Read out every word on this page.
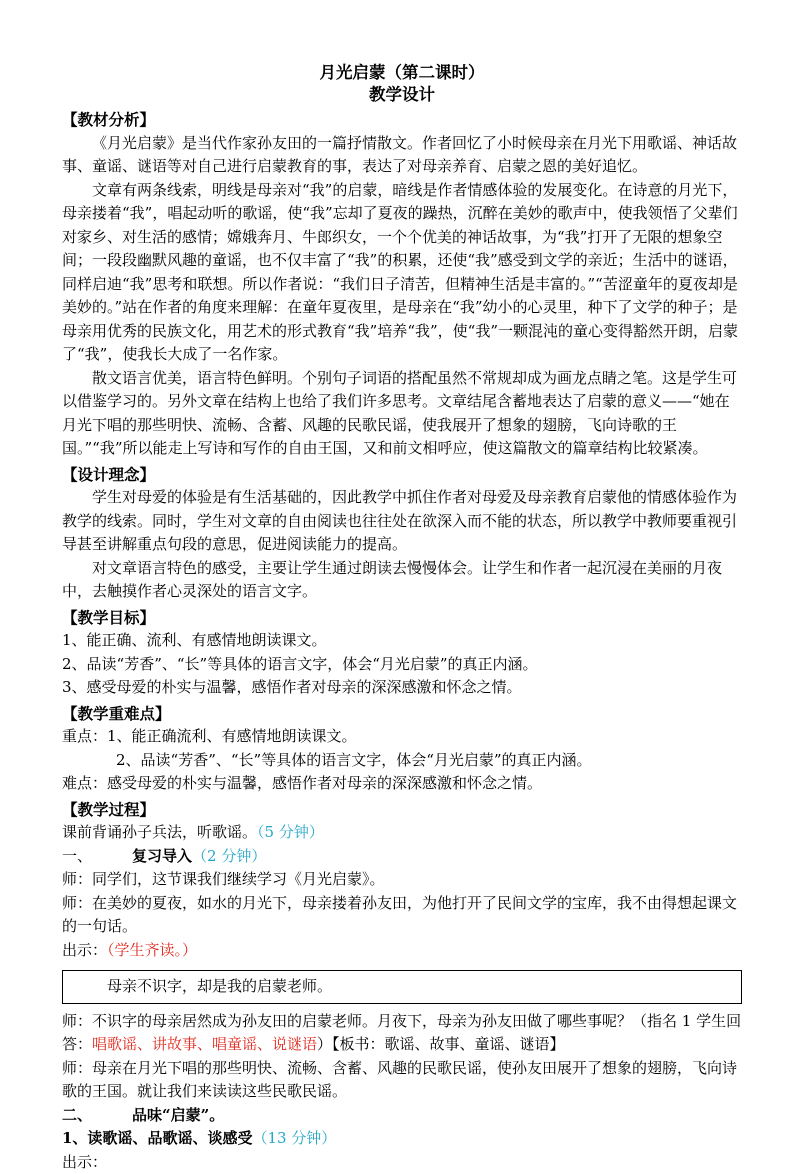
月光启蒙（第二课时）
教学设计
【教材分析】

《月光启蒙》是当代作家孙友田的一篇抒情散文。作者回忆了小时候母亲在月光下用歌谣、神话故事、童谣、谜语等对自己进行启蒙教育的事，表达了对母亲养育、启蒙之恩的美好追忆。

文章有两条线索，明线是母亲对“我”的启蒙，暗线是作者情感体验的发展变化。在诗意的月光下，母亲搂着“我”，唱起动听的歌谣，使“我”忘却了夏夜的躁热，沉醉在美妙的歌声中，使我领悟了父辈们对家乡、对生活的感情；嫦娥奔月、牛郎织女，一个个优美的神话故事，为“我”打开了无限的想象空间；一段段幽默风趣的童谣，也不仅丰富了“我”的积累，还使“我”感受到文学的亲近；生活中的谜语，同样启迪“我”思考和联想。所以作者说：“我们日子清苦，但精神生活是丰富的。”“苦涩童年的夏夜却是美妙的。”站在作者的角度来理解：在童年夏夜里，是母亲在“我”幼小的心灵里，种下了文学的种子；是母亲用优秀的民族文化，用艺术的形式教育“我”培养“我”，使“我”一颗混沌的童心变得豁然开朗，启蒙了“我”，使我长大成了一名作家。

散文语言优美，语言特色鲜明。个别句子词语的搭配虽然不常规却成为画龙点睛之笔。这是学生可以借鉴学习的。另外文章在结构上也给了我们许多思考。文章结尾含蓄地表达了启蒙的意义——“她在月光下唱的那些明快、流畅、含蓄、风趣的民歌民谣，使我展开了想象的翅膀，飞向诗歌的王国。”“我”所以能走上写诗和写作的自由王国，又和前文相呼应，使这篇散文的篇章结构比较紧凑。

【设计理念】

学生对母爱的体验是有生活基础的，因此教学中抓住作者对母爱及母亲教育启蒙他的情感体验作为教学的线索。同时，学生对文章的自由阅读也往往处在欲深入而不能的状态，所以教学中教师要重视引导甚至讲解重点句段的意思，促进阅读能力的提高。

对文章语言特色的感受，主要让学生通过朗读去慢慢体会。让学生和作者一起沉浸在美丽的月夜中，去触摸作者心灵深处的语言文字。

【教学目标】

1、能正确、流利、有感情地朗读课文。

2、品读“芳香”、“长”等具体的语言文字，体会“月光启蒙”的真正内涵。

3、感受母爱的朴实与温馨，感悟作者对母亲的深深感激和怀念之情。

【教学重难点】

重点：1、能正确流利、有感情地朗读课文。

2、品读“芳香”、“长”等具体的语言文字，体会“月光启蒙”的真正内涵。

难点：感受母爱的朴实与温馨，感悟作者对母亲的深深感激和怀念之情。

【教学过程】

课前背诵孙子兵法，听歌谣。（5 分钟）

一、	复习导入（2 分钟）

师：同学们，这节课我们继续学习《月光启蒙》。

师：在美妙的夏夜，如水的月光下，母亲搂着孙友田，为他打开了民间文学的宝库，我不由得想起课文的一句话。

出示：（学生齐读。）

母亲不识字，却是我的启蒙老师。

师：不识字的母亲居然成为孙友田的启蒙老师。月夜下，母亲为孙友田做了哪些事呢？（指名 1 学生回答：唱歌谣、讲故事、唱童谣、说谜语）【板书：歌谣、故事、童谣、谜语】

师：母亲在月光下唱的那些明快、流畅、含蓄、风趣的民歌民谣，使孙友田展开了想象的翅膀，飞向诗歌的王国。就让我们来读读这些民歌民谣。

二、	品味“启蒙”。

1、读歌谣、品歌谣、谈感受（13 分钟）

出示：
